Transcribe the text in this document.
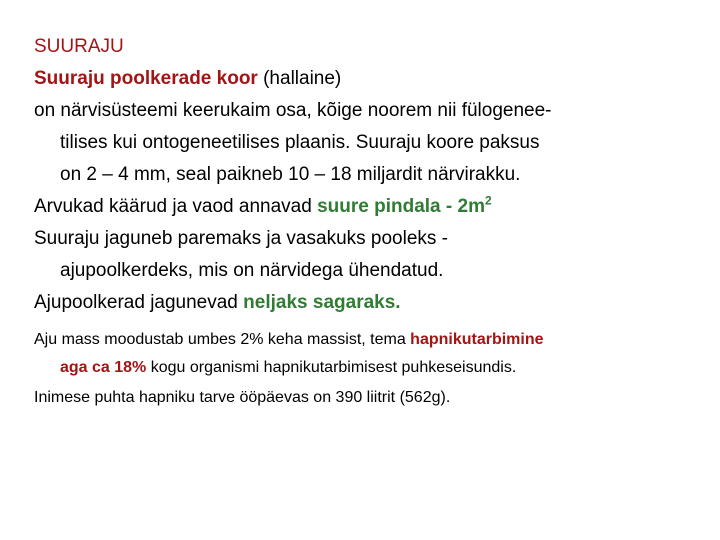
SUURAJU
Suuraju poolkerade koor (hallaine)
on närvisüsteemi keerukaim osa, kõige noorem nii fülogenee-
tilises kui ontogeneetilises plaanis. Suuraju koore paksus
on 2 – 4 mm, seal paikneb 10 – 18 miljardit närvirakku.
Arvukad käärud ja vaod annavad suure pindala - $2m^2$
Suuraju jaguneb paremaks ja vasakuks pooleks -
ajupoolkerdeks, mis on närvidega ühendatud.
Ajupoolkerad jagunevad neljaks sagaraks.
Aju mass moodustab umbes 2% keha massist, tema hapnikutarbimine
aga ca 18% kogu organismi hapnikutarbimisest puhkeseisundis.
Inimese puhta hapniku tarve ööpäevas on 390 liitrit (562g).
